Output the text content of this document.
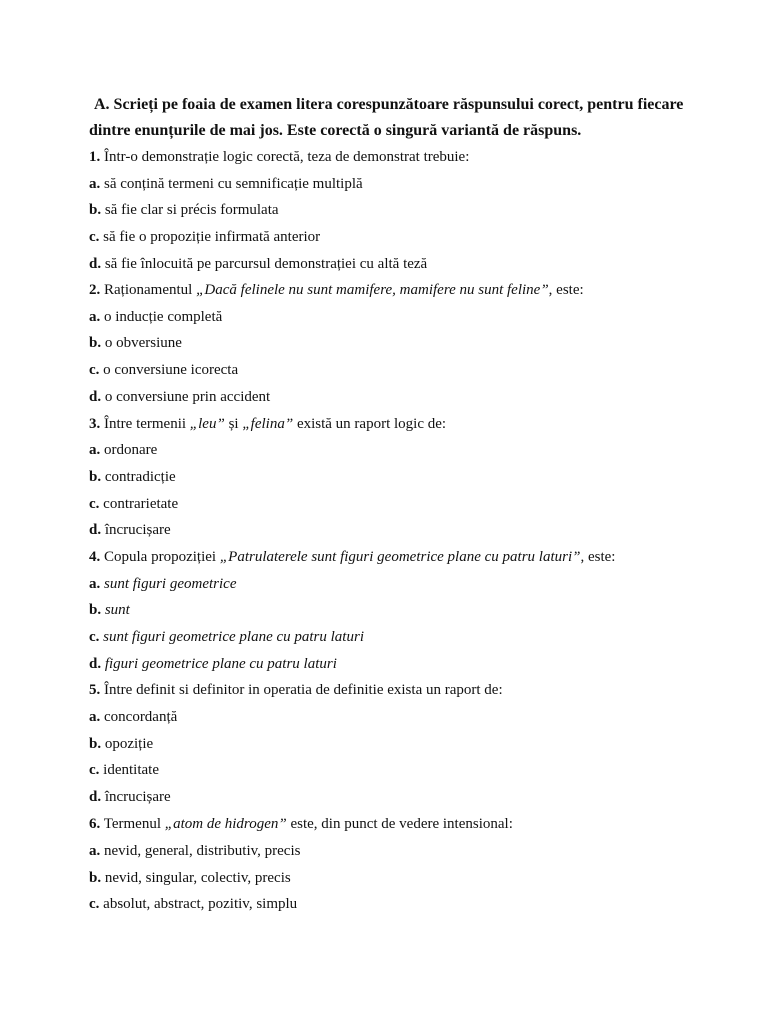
A. Scrieți pe foaia de examen litera corespunzătoare răspunsului corect, pentru fiecare
dintre enunțurile de mai jos. Este corectă o singură variantă de răspuns.
1. Într-o demonstrație logic corectă, teza de demonstrat trebuie:
a. să conțină termeni cu semnificație multiplă
b. să fie clar si précis formulata
c. să fie o propoziție infirmată anterior
d. să fie înlocuită pe parcursul demonstrației cu altă teză
2. Raționamentul „Dacă felinele nu sunt mamifere, mamifere nu sunt feline”, este:
a. o inducție completă
b. o obversiune
c. o conversiune icorecta
d. o conversiune prin accident
3. Între termenii „leu” și „felina” există un raport logic de:
a. ordonare
b. contradicție
c. contrarietate
d. încrucișare
4. Copula propoziției „Patrulaterele sunt figuri geometrice plane cu patru laturi”, este:
a. sunt figuri geometrice
b. sunt
c. sunt figuri geometrice plane cu patru laturi
d. figuri geometrice plane cu patru laturi
5. Între definit si definitor in operatia de definitie exista un raport de:
a. concordanță
b. opoziție
c. identitate
d. încrucișare
6. Termenul „atom de hidrogen” este, din punct de vedere intensional:
a. nevid, general, distributiv, precis
b. nevid, singular, colectiv, precis
c. absolut, abstract, pozitiv, simplu
